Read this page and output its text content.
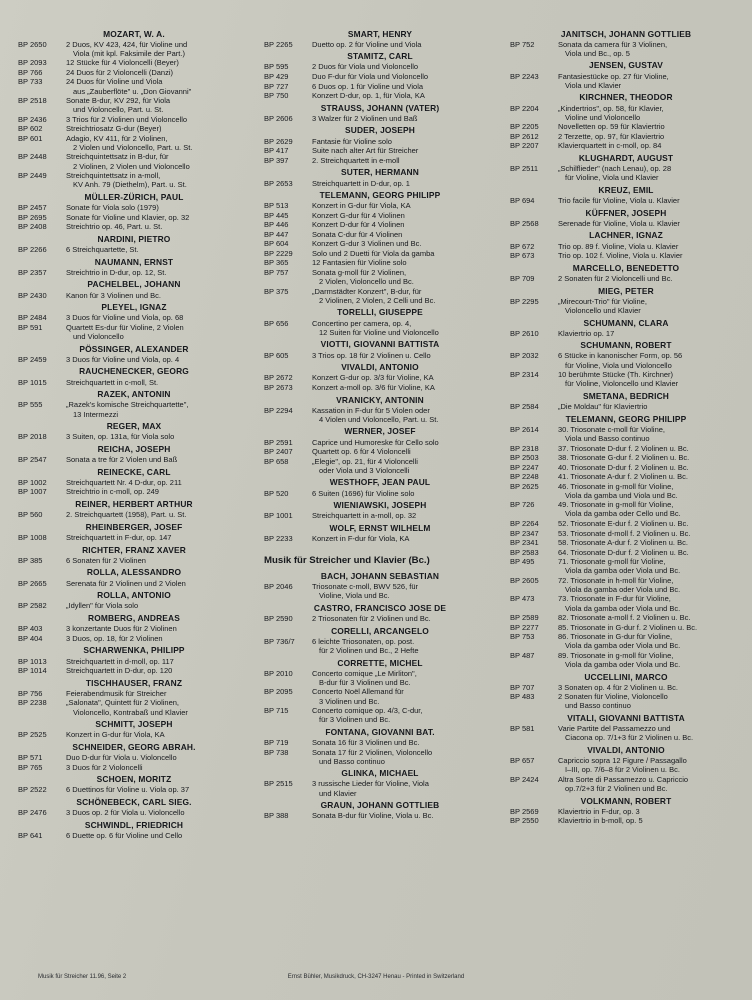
MOZART, W. A.
BP 2650	2 Duos, KV 423, 424, für Violine und
Viola (mit kpl. Faksimile der Part.)
BP 2093	12 Stücke für 4 Violoncelli (Beyer)
BP 766	24 Duos für 2 Violoncelli (Danzi)
BP 733	24 Duos für Violine und Viola
aus „Zauberflöte" u. „Don Giovanni"
BP 2518	Sonate B-dur, KV 292, für Viola
und Violoncello, Part. u. St.
BP 2436	3 Trios für 2 Violinen und Violoncello
BP 602	Streichtriosatz G-dur (Beyer)
BP 601	Adagio, KV 411, für 2 Violinen,
2 Violen und Violoncello, Part. u. St.
BP 2448	Streichquintettsatz in B-dur, für
2 Violinen, 2 Violen und Violoncello
BP 2449	Streichquintettsatz in a-moll,
KV Anh. 79 (Diethelm), Part. u. St.
MÜLLER-ZÜRICH, PAUL
BP 2457	Sonate für Viola solo (1979)
BP 2695	Sonate für Violine und Klavier, op. 32
BP 2408	Streichtrio op. 46, Part. u. St.
NARDINI, PIETRO
BP 2266	6 Streichquartette, St.
NAUMANN, ERNST
BP 2357	Streichtrio in D-dur, op. 12, St.
PACHELBEL, JOHANN
BP 2430	Kanon für 3 Violinen und Bc.
PLEYEL, IGNAZ
BP 2484	3 Duos für Violine und Viola, op. 68
BP 591	Quartett Es-dur für Violine, 2 Violen
und Violoncello
PÖSSINGER, ALEXANDER
BP 2459	3 Duos für Violine und Viola, op. 4
RAUCHENECKER, GEORG
BP 1015	Streichquartett in c-moll, St.
RAZEK, ANTONIN
BP 555	„Razek's komische Streichquartette",
13 Intermezzi
REGER, MAX
BP 2018	3 Suiten, op. 131a, für Viola solo
REICHA, JOSEPH
BP 2547	Sonata a tre für 2 Violen und Baß
REINECKE, CARL
BP 1002	Streichquartett Nr. 4 D-dur, op. 211
BP 1007	Streichtrio in c-moll, op. 249
REINER, HERBERT ARTHUR
BP 560	2. Streichquartett (1958), Part. u. St.
RHEINBERGER, JOSEF
BP 1008	Streichquartett in F-dur, op. 147
RICHTER, FRANZ XAVER
BP 385	6 Sonaten für 2 Violinen
ROLLA, ALESSANDRO
BP 2665	Serenata für 2 Violinen und 2 Violen
ROLLA, ANTONIO
BP 2582	„Idyllen" für Viola solo
ROMBERG, ANDREAS
BP 403	3 konzertante Duos für 2 Violinen
BP 404	3 Duos, op. 18, für 2 Violinen
SCHARWENKA, PHILIPP
BP 1013	Streichquartett in d-moll, op. 117
BP 1014	Streichquartett in D-dur, op. 120
TISCHHAUSER, FRANZ
BP 756	Feierabendmusik für Streicher
BP 2238	„Salonata", Quintett für 2 Violinen,
Violoncello, Kontrabaß und Klavier
SCHMITT, JOSEPH
BP 2525	Konzert in G-dur für Viola, KA
SCHNEIDER, GEORG ABRAH.
BP 571	Duo D-dur für Viola u. Violoncello
BP 765	3 Duos für 2 Violoncelli
SCHOEN, MORITZ
BP 2522	6 Duettinos für Violine u. Viola op. 37
SCHÖNEBECK, CARL SIEG.
BP 2476	3 Duos op. 2 für Viola u. Violoncello
SCHWINDL, FRIEDRICH
BP 641	6 Duette op. 6 für Violine und Cello
SMART, HENRY
BP 2265	Duetto op. 2 für Violine und Viola
STAMITZ, CARL
BP 595	2 Duos für Viola und Violoncello
BP 429	Duo F-dur für Viola und Violoncello
BP 727	6 Duos op. 1 für Violine und Viola
BP 750	Konzert D-dur, op. 1, für Viola, KA
STRAUSS, JOHANN (VATER)
BP 2606	3 Walzer für 2 Violinen und Baß
SUDER, JOSEPH
BP 2629	Fantasie für Violine solo
BP 417	Suite nach alter Art für Streicher
BP 397	2. Streichquartett in e-moll
SUTER, HERMANN
BP 2653	Streichquartett in D-dur, op. 1
TELEMANN, GEORG PHILIPP
BP 513	Konzert in G-dur für Viola, KA
BP 445	Konzert G-dur für 4 Violinen
BP 446	Konzert D-dur für 4 Violinen
BP 447	Sonata C-dur für 4 Violinen
BP 604	Konzert G-dur 3 Violinen und Bc.
BP 2229	Solo und 2 Duetti für Viola da gamba
BP 365	12 Fantasien für Violine solo
BP 757	Sonata g-moll für 2 Violinen,
2 Violen, Violoncello und Bc.
BP 375	„Darmstädter Konzert", B-dur, für
2 Violinen, 2 Violen, 2 Celli und Bc.
TORELLI, GIUSEPPE
BP 656	Concertino per camera, op. 4,
12 Suiten für Violine und Violoncello
VIOTTI, GIOVANNI BATTISTA
BP 605	3 Trios op. 18 für 2 Violinen u. Cello
VIVALDI, ANTONIO
BP 2672	Konzert G-dur op. 3/3 für Violine, KA
BP 2673	Konzert a-moll op. 3/6 für Violine, KA
VRANICKY, ANTONIN
BP 2294	Kassation in F-dur für 5 Violen oder
4 Violen und Violoncello, Part. u. St.
WERNER, JOSEF
BP 2591	Caprice und Humoreske für Cello solo
BP 2407	Quartett op. 6 für 4 Violoncelli
BP 658	„Elegie", op. 21, für 4 Violoncelli
oder Viola und 3 Violoncelli
WESTHOFF, JEAN PAUL
BP 520	6 Suiten (1696) für Violine solo
WIENIAWSKI, JOSEPH
BP 1001	Streichquartett in a-moll, op. 32
WOLF, ERNST WILHELM
BP 2233	Konzert in F-dur für Viola, KA
Musik für Streicher und Klavier (Bc.)
BACH, JOHANN SEBASTIAN
BP 2046	Triosonate c-moll, BWV 526, für
Violine, Viola und Bc.
CASTRO, FRANCISCO JOSE DE
BP 2590	2 Triosonaten für 2 Violinen und Bc.
CORELLI, ARCANGELO
BP 736/7	6 leichte Triosonaten, op. post.
für 2 Violinen und Bc., 2 Hefte
CORRETTE, MICHEL
BP 2010	Concerto comique „Le Mirliton",
B-dur für 3 Violinen und Bc.
BP 2095	Concerto Noël Allemand für
3 Violinen und Bc.
BP 715	Concerto comique op. 4/3, C-dur,
für 3 Violinen und Bc.
FONTANA, GIOVANNI BAT.
BP 719	Sonata 16 für 3 Violinen und Bc.
BP 738	Sonata 17 für 2 Violinen, Violoncello
und Basso continuo
GLINKA, MICHAEL
BP 2515	3 russische Lieder für Violine, Viola
und Klavier
GRAUN, JOHANN GOTTLIEB
BP 388	Sonata B-dur für Violine, Viola u. Bc.
JANITSCH, JOHANN GOTTLIEB
BP 752	Sonata da camera für 3 Violinen,
Viola und Bc., op. 5
JENSEN, GUSTAV
BP 2243	Fantasiestücke op. 27 für Violine,
Viola und Klavier
KIRCHNER, THEODOR
BP 2204	„Kindertrios", op. 58, für Klavier,
Violine und Violoncello
BP 2205	Novelletten op. 59 für Klaviertrio
BP 2612	2 Terzette, op. 97, für Klaviertrio
BP 2207	Klavierquartett in c-moll, op. 84
KLUGHARDT, AUGUST
BP 2511	„Schilflieder" (nach Lenau), op. 28
für Violine, Viola und Klavier
KREUZ, EMIL
BP 694	Trio facile für Violine, Viola u. Klavier
KÜFFNER, JOSEPH
BP 2568	Serenade für Violine, Viola u. Klavier
LACHNER, IGNAZ
BP 672	Trio op. 89 f. Violine, Viola u. Klavier
BP 673	Trio op. 102 f. Violine, Viola u. Klavier
MARCELLO, BENEDETTO
BP 709	2 Sonaten für 2 Violoncelli und Bc.
MIEG, PETER
BP 2295	„Mirecourt-Trio" für Violine,
Violoncello und Klavier
SCHUMANN, CLARA
BP 2610	Klaviertrio op. 17
SCHUMANN, ROBERT
BP 2032	6 Stücke in kanonischer Form, op. 56
für Violine, Viola und Violoncello
BP 2314	10 berühmte Stücke (Th. Kirchner)
für Violine, Violoncello und Klavier
SMETANA, BEDRICH
BP 2584	„Die Moldau" für Klaviertrio
TELEMANN, GEORG PHILIPP
BP 2614	30. Triosonate c-moll für Violine,
Viola und Basso continuo
BP 2318	37. Triosonate D-dur f. 2 Violinen u. Bc.
BP 2503	38. Triosonate G-dur f. 2 Violinen u. Bc.
BP 2247	40. Triosonate D-dur f. 2 Violinen u. Bc.
BP 2248	41. Triosonate A-dur f. 2 Violinen u. Bc.
BP 2625	46. Triosonate in g-moll für Violine,
Viola da gamba und Viola und Bc.
BP 726	49. Triosonate in g-moll für Violine,
Viola da gamba oder Cello und Bc.
BP 2264	52. Triosonate E-dur f. 2 Violinen u. Bc.
BP 2347	53. Triosonate d-moll f. 2 Violinen u. Bc.
BP 2341	58. Triosonate A-dur f. 2 Violinen u. Bc.
BP 2583	64. Triosonate D-dur f. 2 Violinen u. Bc.
BP 495	71. Triosonate g-moll für Violine,
Viola da gamba oder Viola und Bc.
BP 2605	72. Triosonate in h-moll für Violine,
Viola da gamba oder Viola und Bc.
BP 473	73. Triosonate in F-dur für Violine,
Viola da gamba oder Viola und Bc.
BP 2589	82. Triosonate a-moll f. 2 Violinen u. Bc.
BP 2277	85. Triosonate in G-dur f. 2 Violinen u. Bc.
BP 753	86. Triosonate in G-dur für Violine,
Viola da gamba oder Viola und Bc.
BP 487	89. Triosonate in g-moll für Violine,
Viola da gamba oder Viola und Bc.
UCCELLINI, MARCO
BP 707	3 Sonaten op. 4 für 2 Violinen u. Bc.
BP 483	2 Sonaten für Violine, Violoncello
und Basso continuo
VITALI, GIOVANNI BATTISTA
BP 581	Varie Partite del Passamezzo und
Ciacona op. 7/1+3 für 2 Violinen u. Bc.
VIVALDI, ANTONIO
BP 657	Capriccio sopra 12 Figure / Passagallo
I–III, op. 7/6–8 für 2 Violinen u. Bc.
BP 2424	Altra Sorte di Passamezzo u. Capriccio
op.7/2+3 für 2 Violinen und Bc.
VOLKMANN, ROBERT
BP 2569	Klaviertrio in F-dur, op. 3
BP 2550	Klaviertrio in b-moll, op. 5
Musik für Streicher 11.96, Seite 2	Ernst Bühler, Musikdruck, CH-3247 Henau - Printed in Switzerland
